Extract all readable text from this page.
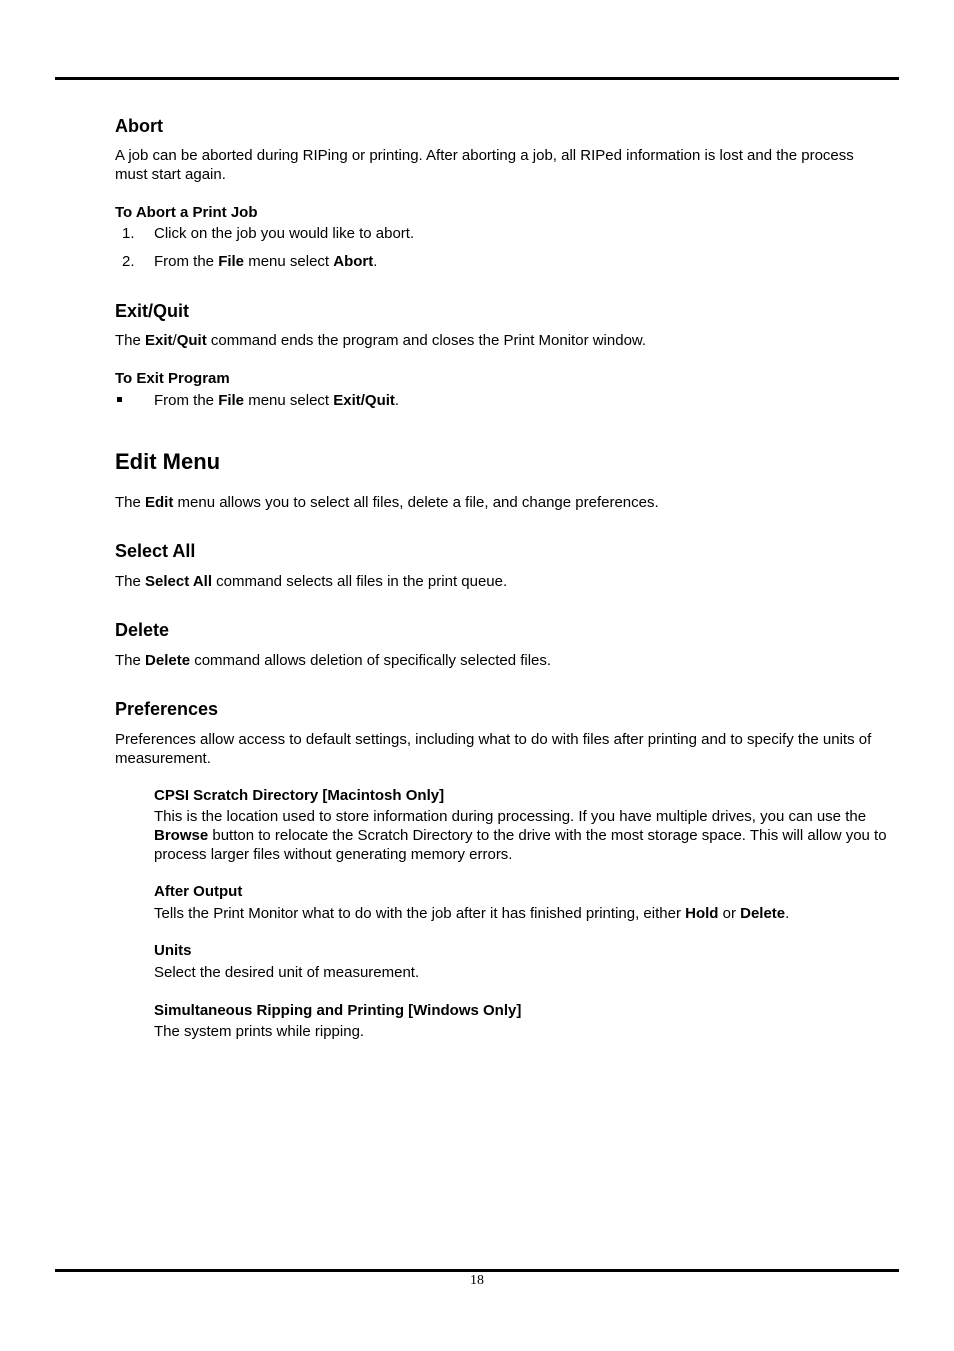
Abort
A job can be aborted during RIPing or printing. After aborting a job, all RIPed information is lost and the process must start again.
To Abort a Print Job
1. Click on the job you would like to abort.
2. From the File menu select Abort.
Exit/Quit
The Exit/Quit command ends the program and closes the Print Monitor window.
To Exit Program
From the File menu select Exit/Quit.
Edit Menu
The Edit menu allows you to select all files, delete a file, and change preferences.
Select All
The Select All command selects all files in the print queue.
Delete
The Delete command allows deletion of specifically selected files.
Preferences
Preferences allow access to default settings, including what to do with files after printing and to specify the units of measurement.
CPSI Scratch Directory [Macintosh Only]
This is the location used to store information during processing. If you have multiple drives, you can use the Browse button to relocate the Scratch Directory to the drive with the most storage space. This will allow you to process larger files without generating memory errors.
After Output
Tells the Print Monitor what to do with the job after it has finished printing, either Hold or Delete.
Units
Select the desired unit of measurement.
Simultaneous Ripping and Printing [Windows Only]
The system prints while ripping.
18
